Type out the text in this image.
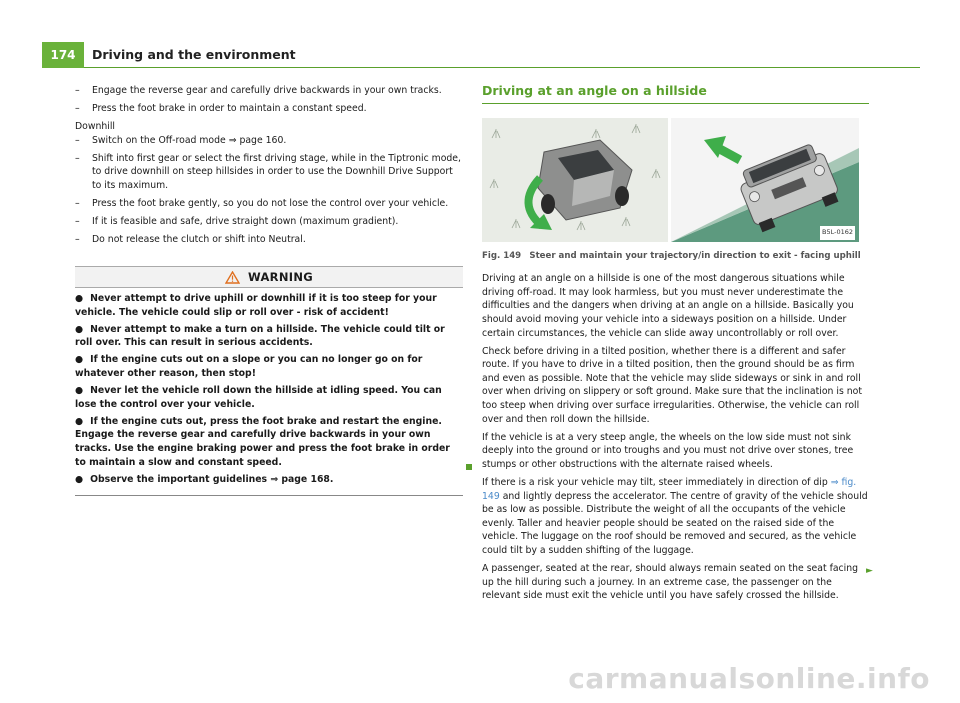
174	Driving and the environment
– Engage the reverse gear and carefully drive backwards in your own tracks.
– Press the foot brake in order to maintain a constant speed.
Downhill
– Switch on the Off-road mode ⇒ page 160.
– Shift into first gear or select the first driving stage, while in the Tiptronic mode, to drive downhill on steep hillsides in order to use the Downhill Drive Support to its maximum.
– Press the foot brake gently, so you do not lose the control over your vehicle.
– If it is feasible and safe, drive straight down (maximum gradient).
– Do not release the clutch or shift into Neutral.
WARNING
● Never attempt to drive uphill or downhill if it is too steep for your vehicle. The vehicle could slip or roll over - risk of accident!
● Never attempt to make a turn on a hillside. The vehicle could tilt or roll over. This can result in serious accidents.
● If the engine cuts out on a slope or you can no longer go on for whatever other reason, then stop!
● Never let the vehicle roll down the hillside at idling speed. You can lose the control over your vehicle.
● If the engine cuts out, press the foot brake and restart the engine. Engage the reverse gear and carefully drive backwards in your own tracks. Use the engine braking power and press the foot brake in order to maintain a slow and constant speed.
● Observe the important guidelines ⇒ page 168.
Driving at an angle on a hillside
B5L-0162
Fig. 149 Steer and maintain your trajectory/in direction to exit - facing uphill
Driving at an angle on a hillside is one of the most dangerous situations while driving off-road. It may look harmless, but you must never underestimate the difficulties and the dangers when driving at an angle on a hillside. Basically you should avoid moving your vehicle into a sideways position on a hillside. Under certain circumstances, the vehicle can slide away uncontrollably or roll over.
Check before driving in a tilted position, whether there is a different and safer route. If you have to drive in a tilted position, then the ground should be as firm and even as possible. Note that the vehicle may slide sideways or sink in and roll over when driving on slippery or soft ground. Make sure that the inclination is not too steep when driving over surface irregularities. Otherwise, the vehicle can roll over and then roll down the hillside.
If the vehicle is at a very steep angle, the wheels on the low side must not sink deeply into the ground or into troughs and you must not drive over stones, tree stumps or other obstructions with the alternate raised wheels.
If there is a risk your vehicle may tilt, steer immediately in direction of dip ⇒ fig. 149 and lightly depress the accelerator. The centre of gravity of the vehicle should be as low as possible. Distribute the weight of all the occupants of the vehicle evenly. Taller and heavier people should be seated on the raised side of the vehicle. The luggage on the roof should be removed and secured, as the vehicle could tilt by a sudden shifting of the luggage.
A passenger, seated at the rear, should always remain seated on the seat facing up the hill during such a journey. In an extreme case, the passenger on the relevant side must exit the vehicle until you have safely crossed the hillside.
►
carmanualsonline.info
